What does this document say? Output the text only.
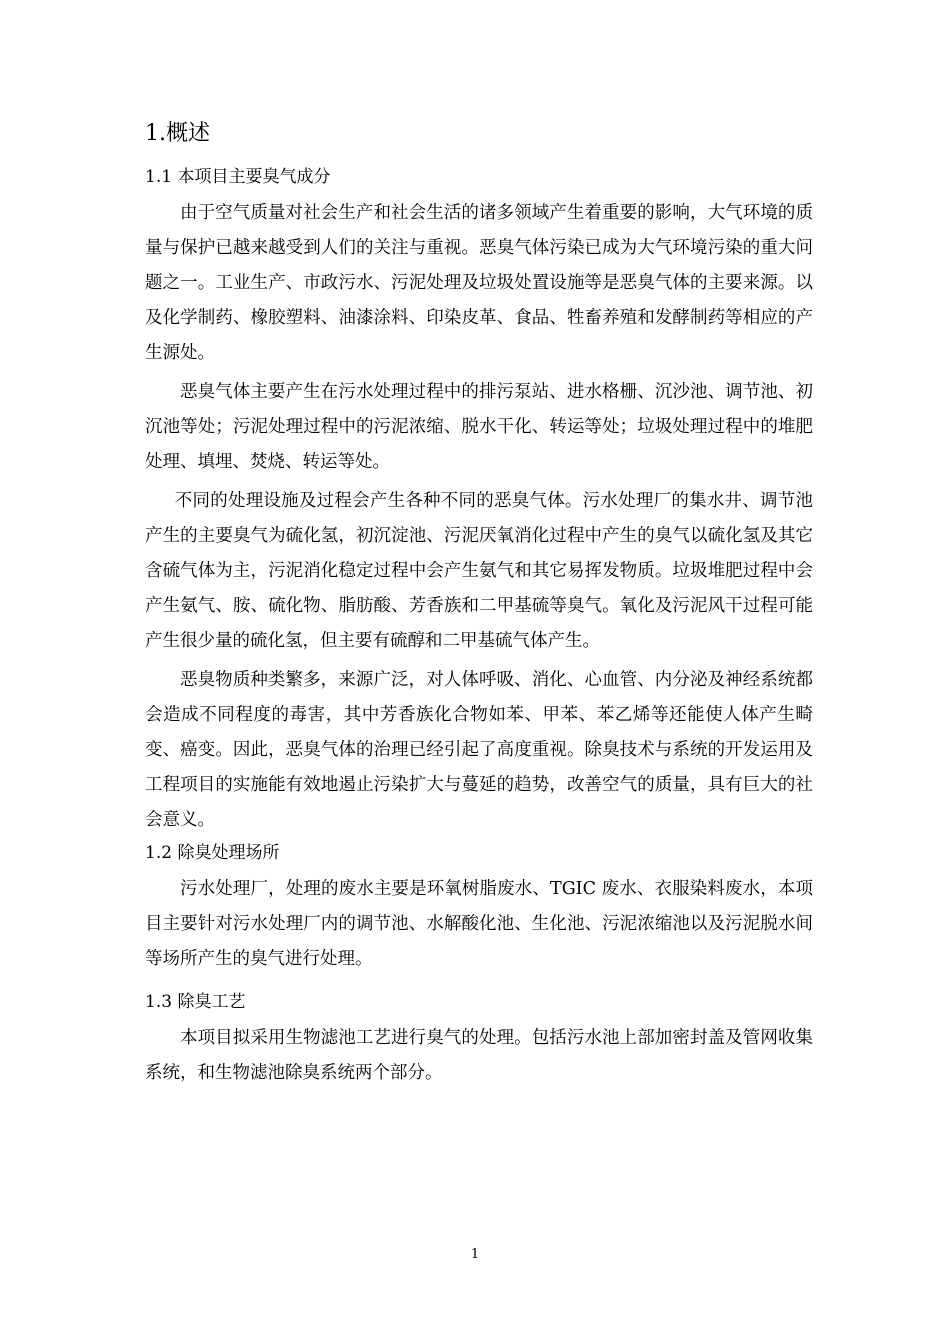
1.概述
1.1 本项目主要臭气成分

由于空气质量对社会生产和社会生活的诸多领域产生着重要的影响，大气环境的质量与保护已越来越受到人们的关注与重视。恶臭气体污染已成为大气环境污染的重大问题之一。工业生产、市政污水、污泥处理及垃圾处置设施等是恶臭气体的主要来源。以及化学制药、橡胶塑料、油漆涂料、印染皮革、食品、牲畜养殖和发酵制药等相应的产生源处。

恶臭气体主要产生在污水处理过程中的排污泵站、进水格栅、沉沙池、调节池、初沉池等处；污泥处理过程中的污泥浓缩、脱水干化、转运等处；垃圾处理过程中的堆肥处理、填埋、焚烧、转运等处。

不同的处理设施及过程会产生各种不同的恶臭气体。污水处理厂的集水井、调节池产生的主要臭气为硫化氢，初沉淀池、污泥厌氧消化过程中产生的臭气以硫化氢及其它含硫气体为主，污泥消化稳定过程中会产生氨气和其它易挥发物质。垃圾堆肥过程中会产生氨气、胺、硫化物、脂肪酸、芳香族和二甲基硫等臭气。氧化及污泥风干过程可能产生很少量的硫化氢，但主要有硫醇和二甲基硫气体产生。

恶臭物质种类繁多，来源广泛，对人体呼吸、消化、心血管、内分泌及神经系统都会造成不同程度的毒害，其中芳香族化合物如苯、甲苯、苯乙烯等还能使人体产生畸变、癌变。因此，恶臭气体的治理已经引起了高度重视。除臭技术与系统的开发运用及工程项目的实施能有效地遏止污染扩大与蔓延的趋势，改善空气的质量，具有巨大的社会意义。

1.2 除臭处理场所

污水处理厂，处理的废水主要是环氧树脂废水、TGIC 废水、衣服染料废水，本项目主要针对污水处理厂内的调节池、水解酸化池、生化池、污泥浓缩池以及污泥脱水间等场所产生的臭气进行处理。

1.3 除臭工艺

本项目拟采用生物滤池工艺进行臭气的处理。包括污水池上部加密封盖及管网收集系统，和生物滤池除臭系统两个部分。

1
